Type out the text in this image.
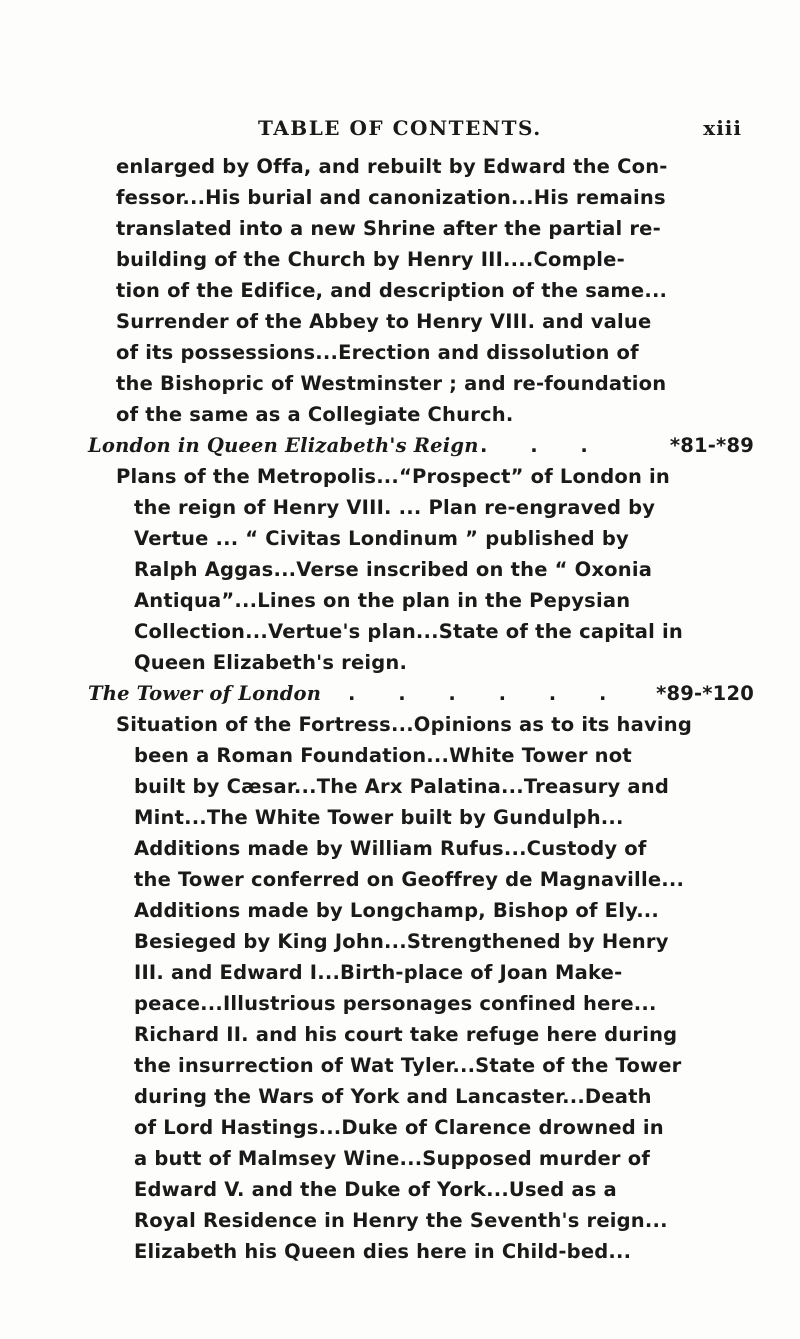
TABLE OF CONTENTS.	xiii
enlarged by Offa, and rebuilt by Edward the Con-
fessor...His burial and canonization...His remains
translated into a new Shrine after the partial re-
building of the Church by Henry III....Comple-
tion of the Edifice, and description of the same...
Surrender of the Abbey to Henry VIII. and value
of its possessions...Erection and dissolution of
the Bishopric of Westminster ; and re-foundation
of the same as a Collegiate Church.
London in Queen Elizabeth's Reign . . .	*81-*89
Plans of the Metropolis...“Prospect” of London in
the reign of Henry VIII. ... Plan re-engraved by
Vertue ... “ Civitas Londinum ” published by
Ralph Aggas...Verse inscribed on the “ Oxonia
Antiqua”...Lines on the plan in the Pepysian
Collection...Vertue's plan...State of the capital in
Queen Elizabeth's reign.
The Tower of London . . . . . . *89-*120
Situation of the Fortress...Opinions as to its having
been a Roman Foundation...White Tower not
built by Cæsar...The Arx Palatina...Treasury and
Mint...The White Tower built by Gundulph...
Additions made by William Rufus...Custody of
the Tower conferred on Geoffrey de Magnaville...
Additions made by Longchamp, Bishop of Ely...
Besieged by King John...Strengthened by Henry
III. and Edward I...Birth-place of Joan Make-
peace...Illustrious personages confined here...
Richard II. and his court take refuge here during
the insurrection of Wat Tyler...State of the Tower
during the Wars of York and Lancaster...Death
of Lord Hastings...Duke of Clarence drowned in
a butt of Malmsey Wine...Supposed murder of
Edward V. and the Duke of York...Used as a
Royal Residence in Henry the Seventh's reign...
Elizabeth his Queen dies here in Child-bed...
